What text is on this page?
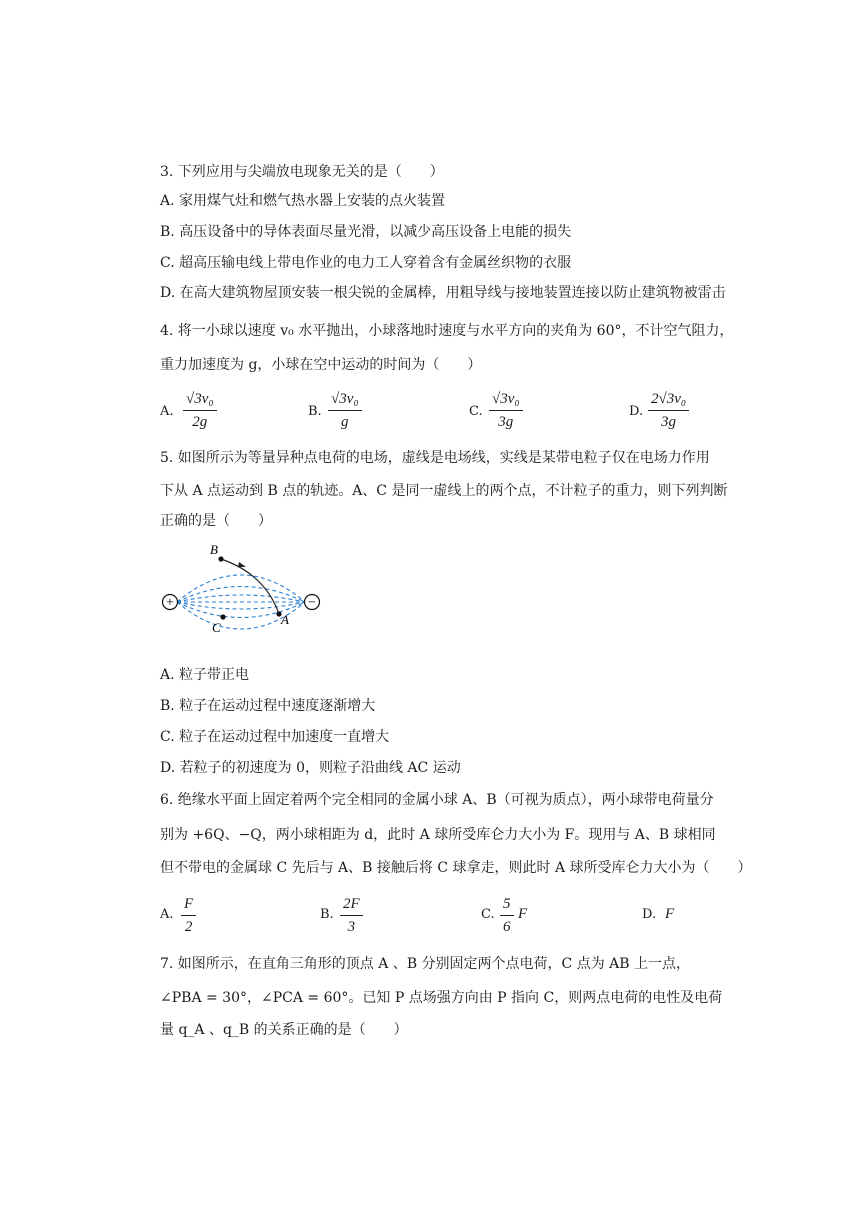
3. 下列应用与尖端放电现象无关的是（　　）
A. 家用煤气灶和燃气热水器上安装的点火装置
B. 高压设备中的导体表面尽量光滑，以减少高压设备上电能的损失
C. 超高压输电线上带电作业的电力工人穿着含有金属丝织物的衣服
D. 在高大建筑物屋顶安装一根尖锐的金属棒，用粗导线与接地装置连接以防止建筑物被雷击
4. 将一小球以速度 v₀ 水平抛出，小球落地时速度与水平方向的夹角为 60°，不计空气阻力，
重力加速度为 g，小球在空中运动的时间为（　　）
A. $\frac{\text{√3v₀}}{2g}$	B. $\frac{\text{√3v₀}}{g}$	C. $\frac{\text{√3v₀}}{3g}$	D. $\frac{\text{2√3v₀}}{3g}$
5. 如图所示为等量异种点电荷的电场，虚线是电场线，实线是某带电粒子仅在电场力作用
下从 A 点运动到 B 点的轨迹。A、C 是同一虚线上的两个点，不计粒子的重力，则下列判断
正确的是（　　）
+	−
B
A
C
A. 粒子带正电
B. 粒子在运动过程中速度逐渐增大
C. 粒子在运动过程中加速度一直增大
D. 若粒子的初速度为 0，则粒子沿曲线 AC 运动
6. 绝缘水平面上固定着两个完全相同的金属小球 A、B（可视为质点），两小球带电荷量分
别为 +6Q、−Q，两小球相距为 d，此时 A 球所受库仑力大小为 F。现用与 A、B 球相同
但不带电的金属球 C 先后与 A、B 接触后将 C 球拿走，则此时 A 球所受库仑力大小为（　　）
A. $\frac{F}{2}$	B. $\frac{2F}{3}$	C. $\frac{5}{6}$ F	D. F
7. 如图所示，在直角三角形的顶点 A 、B 分别固定两个点电荷，C 点为 AB 上一点，
∠PBA = 30°，∠PCA = 60°。已知 P 点场强方向由 P 指向 C，则两点电荷的电性及电荷
量 q_A 、q_B 的关系正确的是（　　）
